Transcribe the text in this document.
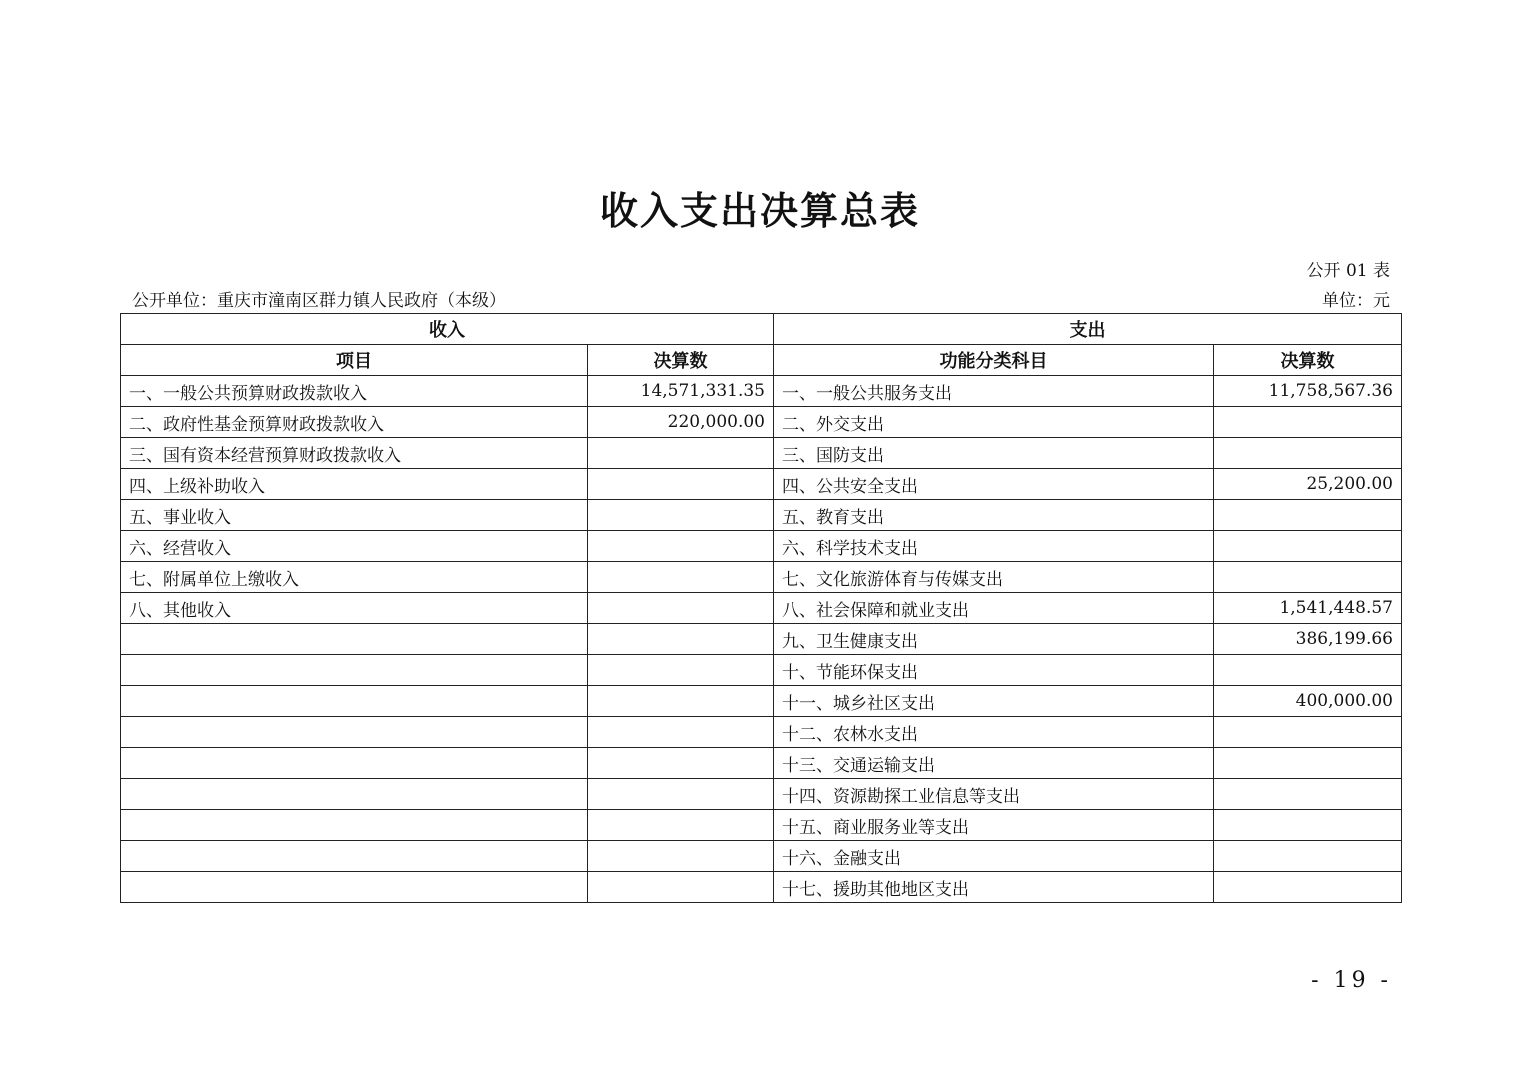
收入支出决算总表
公开 01 表
公开单位：重庆市潼南区群力镇人民政府（本级）	单位：元
收入		支出	
项目	决算数	功能分类科目	决算数
一、一般公共预算财政拨款收入	14,571,331.35	一、一般公共服务支出	11,758,567.36
二、政府性基金预算财政拨款收入	220,000.00	二、外交支出	
三、国有资本经营预算财政拨款收入		三、国防支出	
四、上级补助收入		四、公共安全支出	25,200.00
五、事业收入		五、教育支出	
六、经营收入		六、科学技术支出	
七、附属单位上缴收入		七、文化旅游体育与传媒支出	
八、其他收入		八、社会保障和就业支出	1,541,448.57
		九、卫生健康支出	386,199.66
		十、节能环保支出	
		十一、城乡社区支出	400,000.00
		十二、农林水支出	
		十三、交通运输支出	
		十四、资源勘探工业信息等支出	
		十五、商业服务业等支出	
		十六、金融支出	
		十七、援助其他地区支出	
- 19 -
